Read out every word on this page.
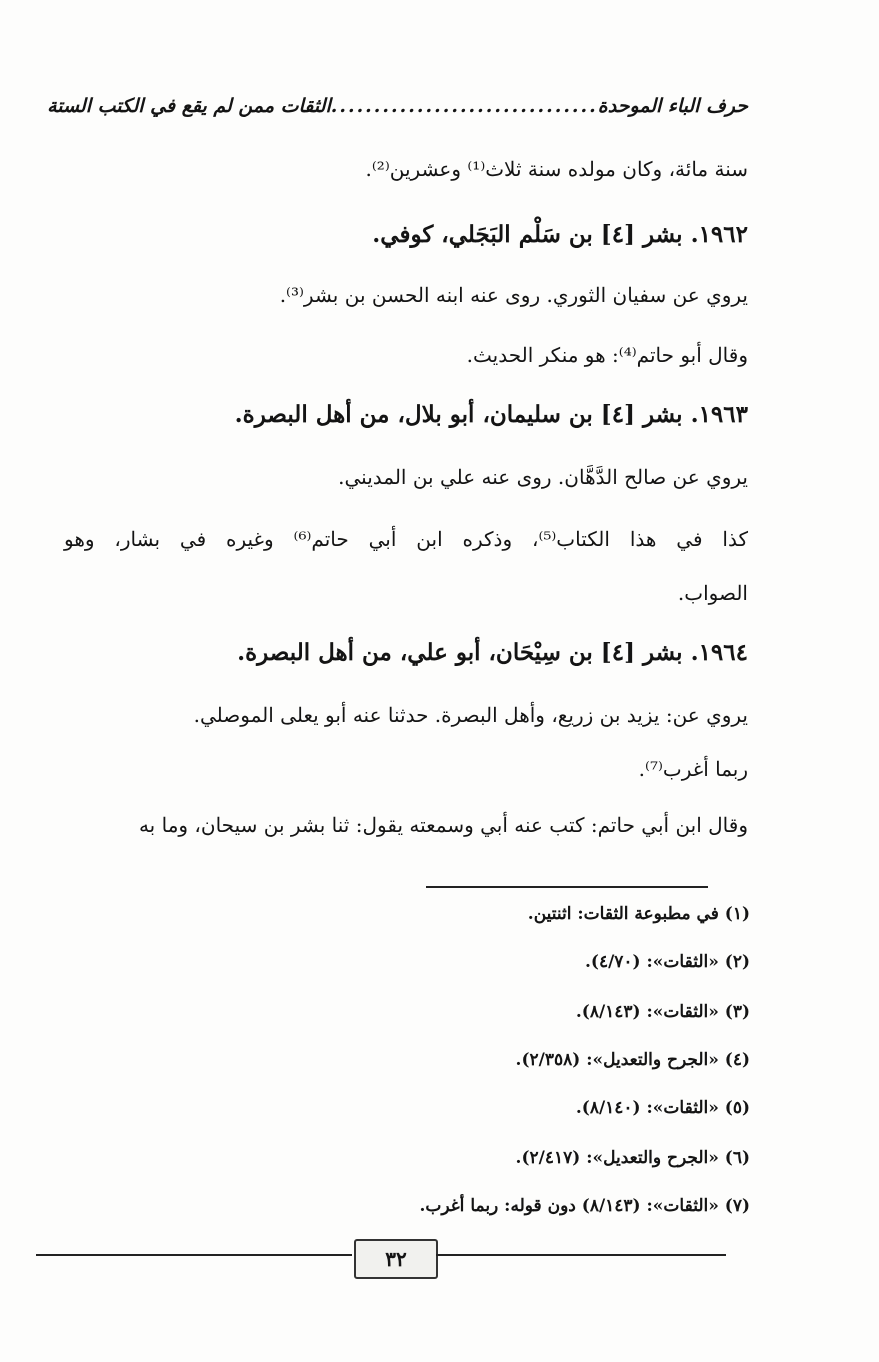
حرف الباء الموحدة
...............................
الثقات ممن لم يقع في الكتب الستة
سنة مائة، وكان مولده سنة ثلاث⁽¹⁾ وعشرين⁽²⁾.
١٩٦٢. بشر [٤] بن سَلْم البَجَلي، كوفي.
يروي عن سفيان الثوري. روى عنه ابنه الحسن بن بشر⁽³⁾.
وقال أبو حاتم⁽⁴⁾: هو منكر الحديث.
١٩٦٣. بشر [٤] بن سليمان، أبو بلال، من أهل البصرة.
يروي عن صالح الدَّهَّان. روى عنه علي بن المديني.
كذا في هذا الكتاب⁽⁵⁾، وذكره ابن أبي حاتم⁽⁶⁾ وغيره في بشار، وهو
الصواب.
١٩٦٤. بشر [٤] بن سِيْحَان، أبو علي، من أهل البصرة.
يروي عن: يزيد بن زريع، وأهل البصرة. حدثنا عنه أبو يعلى الموصلي.
ربما أغرب⁽⁷⁾.
وقال ابن أبي حاتم: كتب عنه أبي وسمعته يقول: ثنا بشر بن سيحان، وما به
(١) في مطبوعة الثقات: اثنتين.
(٢) «الثقات»: (٤/٧٠).
(٣) «الثقات»: (٨/١٤٣).
(٤) «الجرح والتعديل»: (٢/٣٥٨).
(٥) «الثقات»: (٨/١٤٠).
(٦) «الجرح والتعديل»: (٢/٤١٧).
(٧) «الثقات»: (٨/١٤٣) دون قوله: ربما أغرب.
٣٢
